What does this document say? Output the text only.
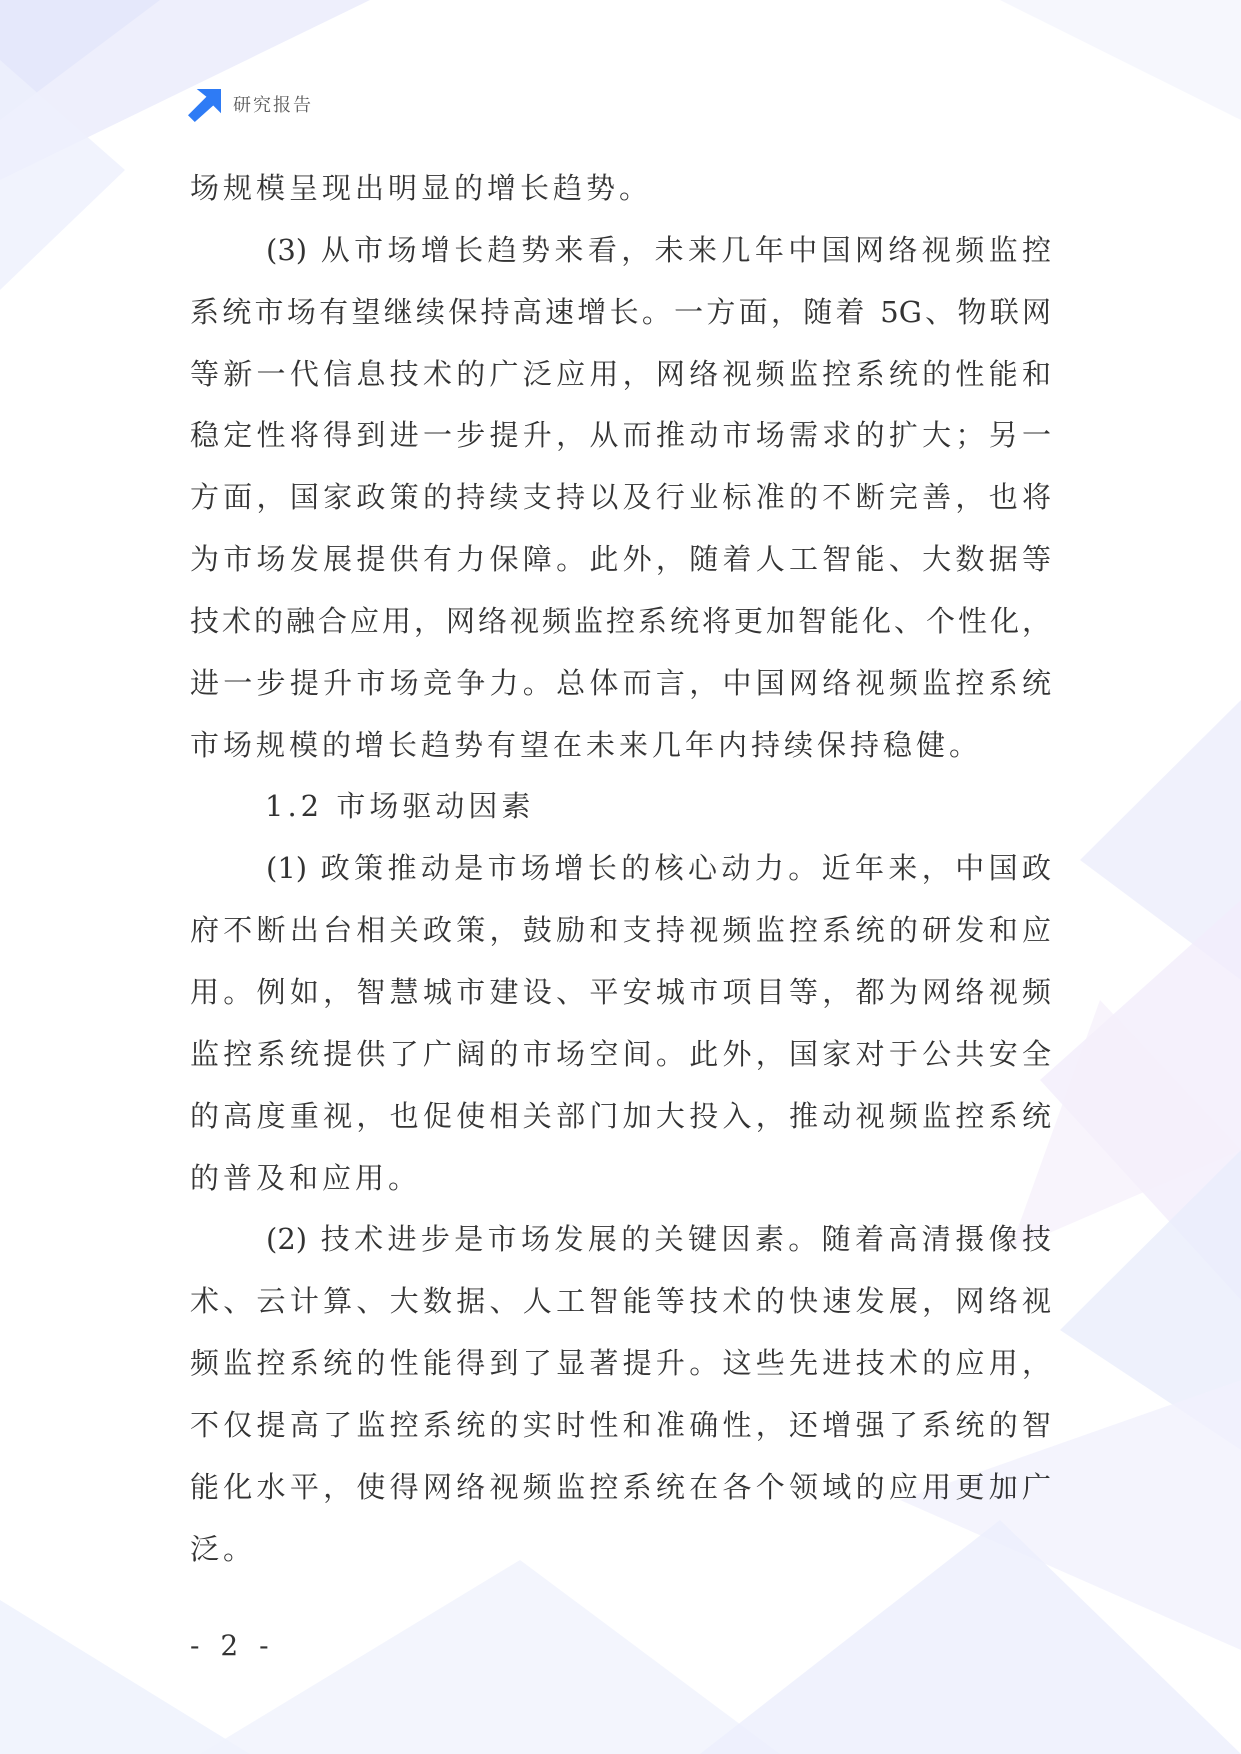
研究报告
场规模呈现出明显的增长趋势。
(3) 从市场增长趋势来看，未来几年中国网络视频监控
系统市场有望继续保持高速增长。一方面，随着 5G、物联网
等新一代信息技术的广泛应用，网络视频监控系统的性能和
稳定性将得到进一步提升，从而推动市场需求的扩大；另一
方面，国家政策的持续支持以及行业标准的不断完善，也将
为市场发展提供有力保障。此外，随着人工智能、大数据等
技术的融合应用，网络视频监控系统将更加智能化、个性化，
进一步提升市场竞争力。总体而言，中国网络视频监控系统
市场规模的增长趋势有望在未来几年内持续保持稳健。
1.2 市场驱动因素
(1) 政策推动是市场增长的核心动力。近年来，中国政
府不断出台相关政策，鼓励和支持视频监控系统的研发和应
用。例如，智慧城市建设、平安城市项目等，都为网络视频
监控系统提供了广阔的市场空间。此外，国家对于公共安全
的高度重视，也促使相关部门加大投入，推动视频监控系统
的普及和应用。
(2) 技术进步是市场发展的关键因素。随着高清摄像技
术、云计算、大数据、人工智能等技术的快速发展，网络视
频监控系统的性能得到了显著提升。这些先进技术的应用，
不仅提高了监控系统的实时性和准确性，还增强了系统的智
能化水平，使得网络视频监控系统在各个领域的应用更加广
泛。
- 2 -
